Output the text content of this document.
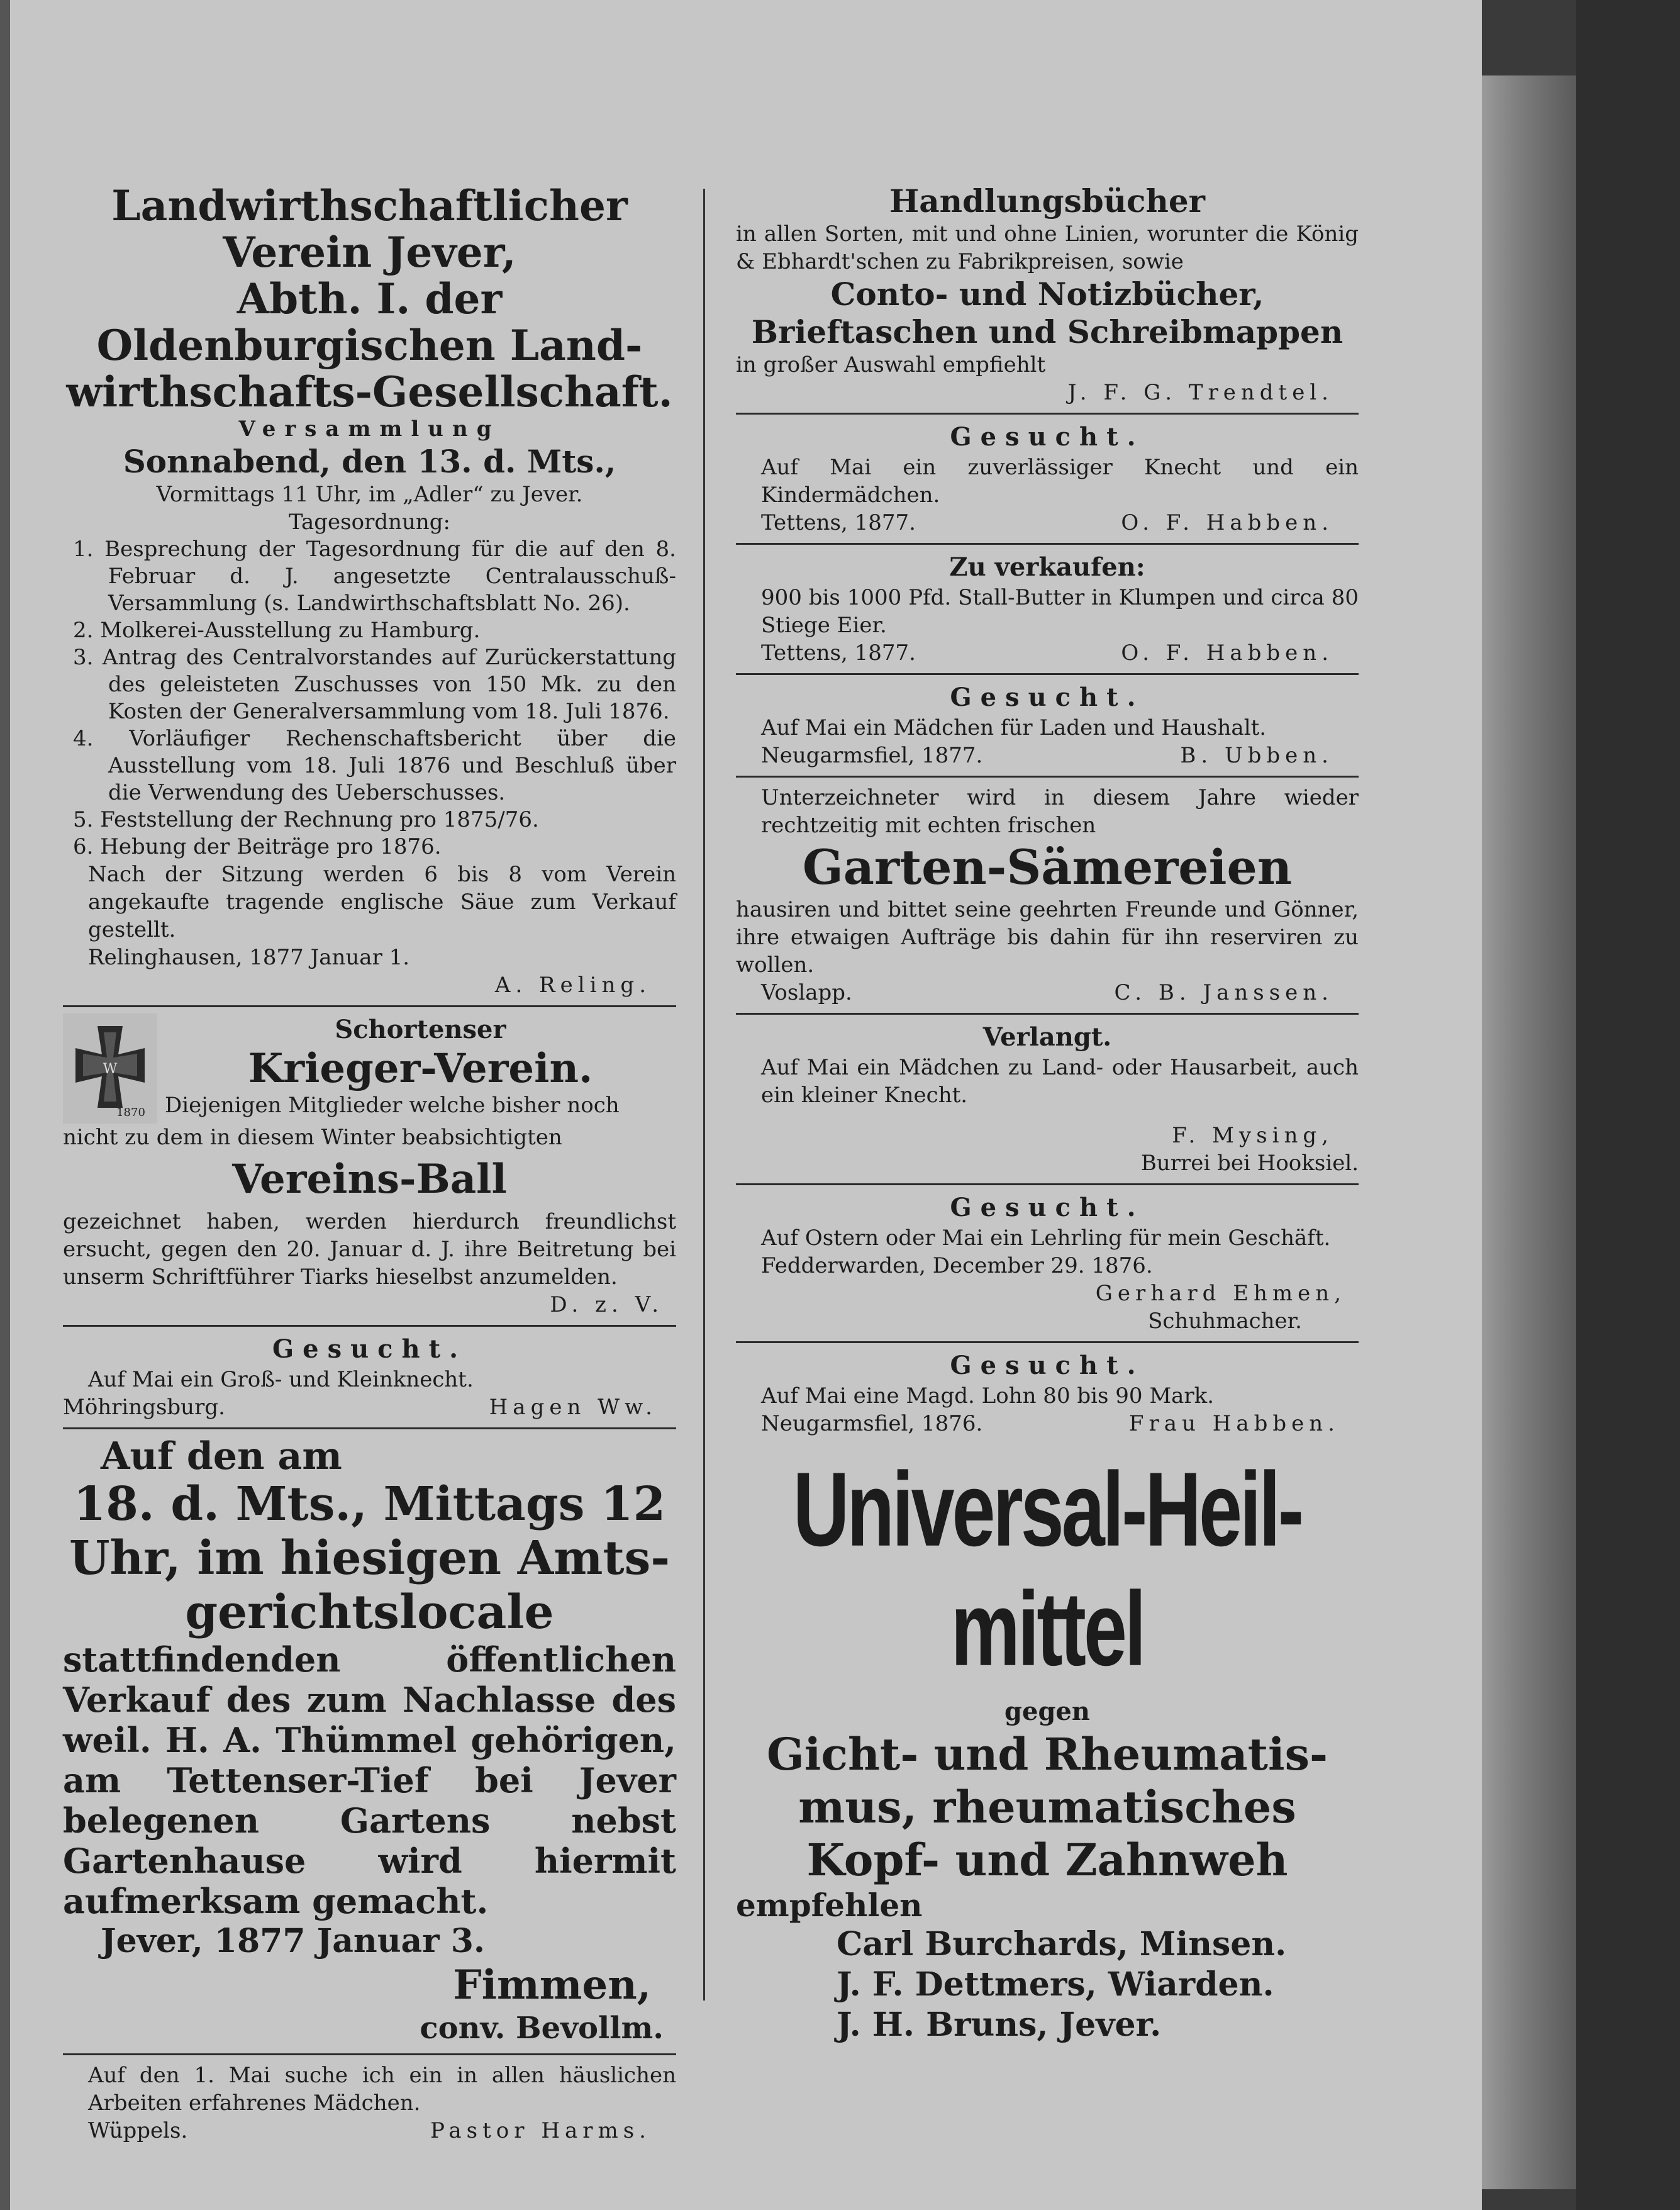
Landwirthschaftlicher Verein Jever,
Abth. I. der Oldenburgischen Land-
wirthschafts-Gesellschaft.
Versammlung
Sonnabend, den 13. d. Mts.,
Vormittags 11 Uhr, im „Adler“ zu Jever.
Tagesordnung:
1. Besprechung der Tagesordnung für die auf den 8. Februar d. J. angesetzte Centralausschuß-Versammlung (s. Landwirthschaftsblatt No. 26).
2. Molkerei-Ausstellung zu Hamburg.
3. Antrag des Centralvorstandes auf Zurückerstattung des geleisteten Zuschusses von 150 Mk. zu den Kosten der Generalversammlung vom 18. Juli 1876.
4. Vorläufiger Rechenschaftsbericht über die Ausstellung vom 18. Juli 1876 und Beschluß über die Verwendung des Ueberschusses.
5. Feststellung der Rechnung pro 1875/76.
6. Hebung der Beiträge pro 1876.
Nach der Sitzung werden 6 bis 8 vom Verein angekaufte tragende englische Säue zum Verkauf gestellt.
Relinghausen, 1877 Januar 1.
A. Reling.
W
1870
Schortenser
Krieger-Verein.
Diejenigen Mitglieder welche bisher noch
nicht zu dem in diesem Winter beabsichtigten
Vereins-Ball
gezeichnet haben, werden hierdurch freundlichst ersucht, gegen den 20. Januar d. J. ihre Beitretung bei unserm Schriftführer Tiarks hieselbst anzumelden.
D. z. V.
Gesucht.
Auf Mai ein Groß- und Kleinknecht.
Möhringsburg.	Hagen Ww.
Auf den am
18. d. Mts., Mittags 12
Uhr, im hiesigen Amts-
gerichtslocale
stattfindenden öffentlichen Verkauf des zum Nachlasse des weil. H. A. Thümmel gehörigen, am Tettenser-Tief bei Jever belegenen Gartens nebst Gartenhause wird hiermit aufmerksam gemacht.
Jever, 1877 Januar 3.
Fimmen,
conv. Bevollm.
Auf den 1. Mai suche ich ein in allen häuslichen Arbeiten erfahrenes Mädchen.
Wüppels.	Pastor Harms.
Handlungsbücher
in allen Sorten, mit und ohne Linien, worunter die König & Ebhardt'schen zu Fabrikpreisen, sowie
Conto- und Notizbücher,
Brieftaschen und Schreibmappen
in großer Auswahl empfiehlt
J. F. G. Trendtel.
Gesucht.
Auf Mai ein zuverlässiger Knecht und ein Kindermädchen.
Tettens, 1877.	O. F. Habben.
Zu verkaufen:
900 bis 1000 Pfd. Stall-Butter in Klumpen und circa 80 Stiege Eier.
Tettens, 1877.	O. F. Habben.
Gesucht.
Auf Mai ein Mädchen für Laden und Haushalt.
Neugarmsfiel, 1877.	B. Ubben.
Unterzeichneter wird in diesem Jahre wieder rechtzeitig mit echten frischen
Garten-Sämereien
hausiren und bittet seine geehrten Freunde und Gönner, ihre etwaigen Aufträge bis dahin für ihn reserviren zu wollen.
Voslapp.	C. B. Janssen.
Verlangt.
Auf Mai ein Mädchen zu Land- oder Hausarbeit, auch ein kleiner Knecht.
F. Mysing,
Burrei bei Hooksiel.
Gesucht.
Auf Ostern oder Mai ein Lehrling für mein Geschäft.
Fedderwarden, December 29. 1876.
Gerhard Ehmen,
Schuhmacher.
Gesucht.
Auf Mai eine Magd. Lohn 80 bis 90 Mark.
Neugarmsfiel, 1876.	Frau Habben.
Universal-Heil-
mittel
gegen
Gicht- und Rheumatis-
mus, rheumatisches
Kopf- und Zahnweh
empfehlen
Carl Burchards, Minsen.
J. F. Dettmers, Wiarden.
J. H. Bruns, Jever.
